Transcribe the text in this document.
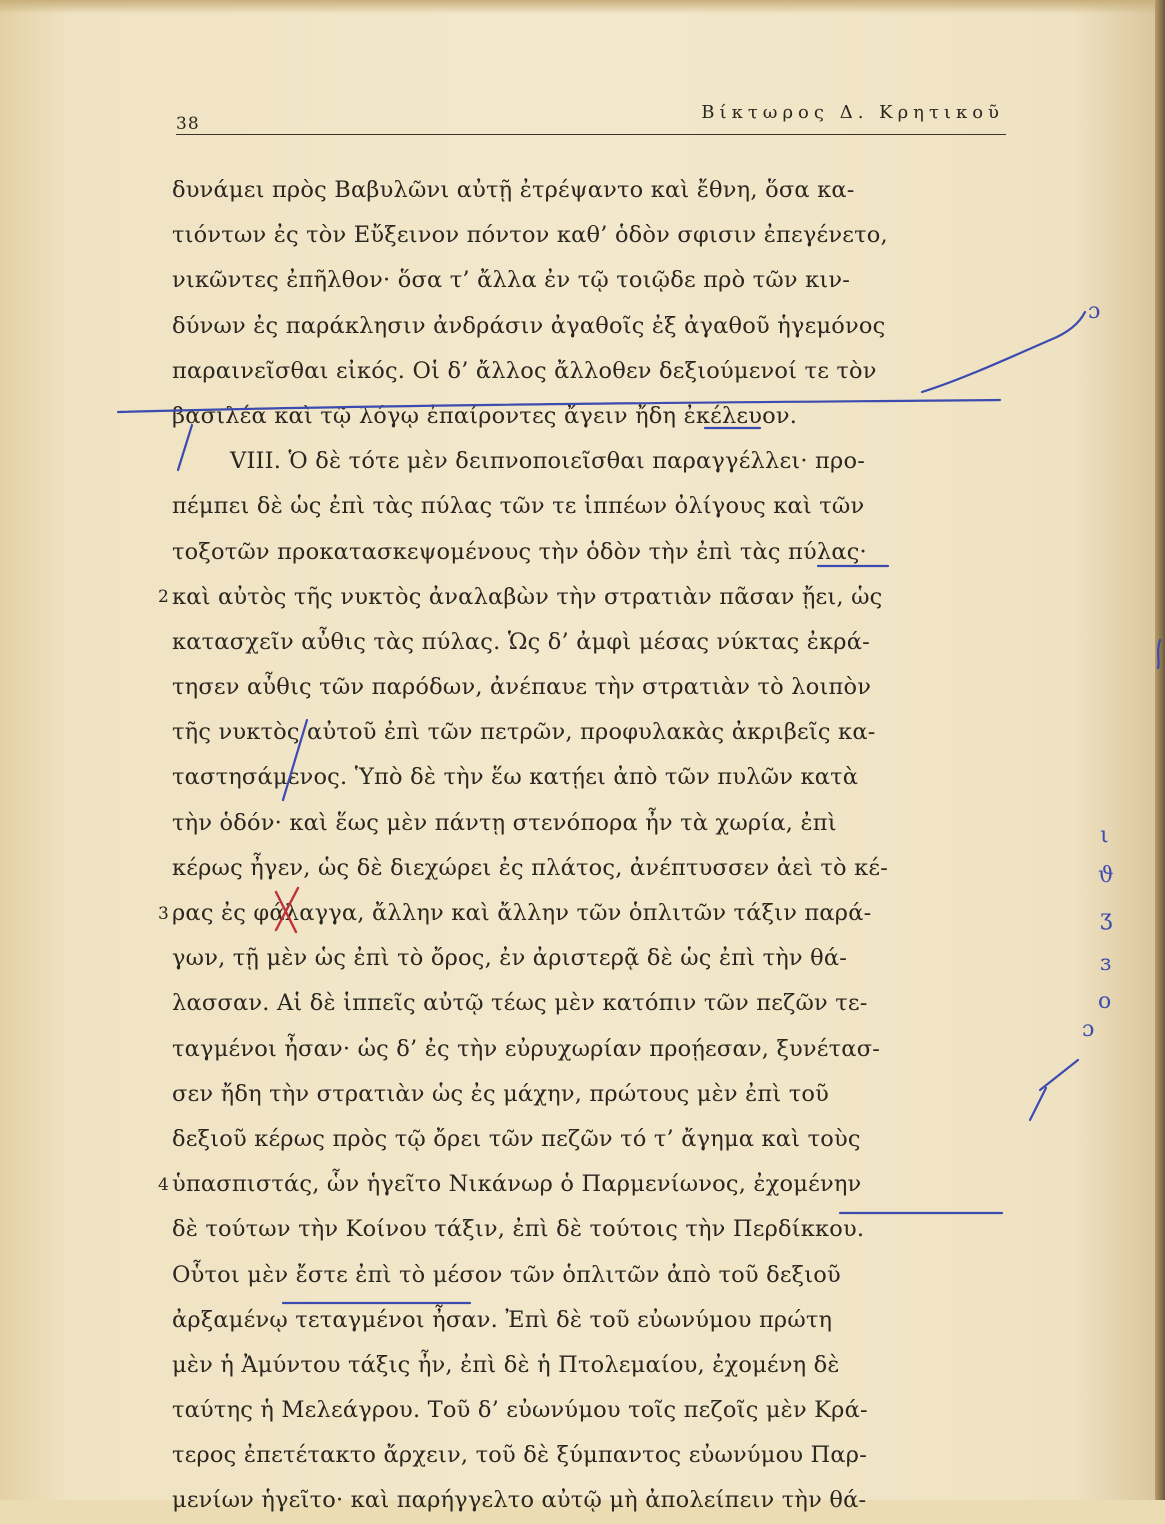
38
Βίκτωρος Δ. Κρητικοῦ
δυνάμει πρὸς Βαβυλῶνι αὐτῇ ἐτρέψαντο καὶ ἔθνη, ὅσα κα-
τιόντων ἐς τὸν Εὔξεινον πόντον καθ’ ὁδὸν σφισιν ἐπεγένετο,
νικῶντες ἐπῆλθον· ὅσα τ’ ἄλλα ἐν τῷ τοιῷδε πρὸ τῶν κιν-
δύνων ἐς παράκλησιν ἀνδράσιν ἀγαθοῖς ἐξ ἀγαθοῦ ἡγεμόνος
παραινεῖσθαι εἰκός. Οἱ δ’ ἄλλος ἄλλοθεν δεξιούμενοί τε τὸν
βασιλέα καὶ τῷ λόγῳ ἐπαίροντες ἄγειν ἤδη ἐκέλευον.
VIII. Ὁ δὲ τότε μὲν δειπνοποιεῖσθαι παραγγέλλει· προ-
πέμπει δὲ ὡς ἐπὶ τὰς πύλας τῶν τε ἱππέων ὀλίγους καὶ τῶν
τοξοτῶν προκατασκεψομένους τὴν ὁδὸν τὴν ἐπὶ τὰς πύλας·
καὶ αὐτὸς τῆς νυκτὸς ἀναλαβὼν τὴν στρατιὰν πᾶσαν ᾔει, ὡς
κατασχεῖν αὖθις τὰς πύλας. Ὡς δ’ ἀμφὶ μέσας νύκτας ἐκρά-
τησεν αὖθις τῶν παρόδων, ἀνέπαυε τὴν στρατιὰν τὸ λοιπὸν
τῆς νυκτὸς αὐτοῦ ἐπὶ τῶν πετρῶν, προφυλακὰς ἀκριβεῖς κα-
ταστησάμενος. Ὑπὸ δὲ τὴν ἕω κατῄει ἀπὸ τῶν πυλῶν κατὰ
τὴν ὁδόν· καὶ ἕως μὲν πάντῃ στενόπορα ἦν τὰ χωρία, ἐπὶ
κέρως ἦγεν, ὡς δὲ διεχώρει ἐς πλάτος, ἀνέπτυσσεν ἀεὶ τὸ κέ-
ρας ἐς φάλαγγα, ἄλλην καὶ ἄλλην τῶν ὁπλιτῶν τάξιν παρά-
γων, τῇ μὲν ὡς ἐπὶ τὸ ὄρος, ἐν ἀριστερᾷ δὲ ὡς ἐπὶ τὴν θά-
λασσαν. Αἱ δὲ ἱππεῖς αὐτῷ τέως μὲν κατόπιν τῶν πεζῶν τε-
ταγμένοι ἦσαν· ὡς δ’ ἐς τὴν εὐρυχωρίαν προῄεσαν, ξυνέτασ-
σεν ἤδη τὴν στρατιὰν ὡς ἐς μάχην, πρώτους μὲν ἐπὶ τοῦ
δεξιοῦ κέρως πρὸς τῷ ὄρει τῶν πεζῶν τό τ’ ἄγημα καὶ τοὺς
ὑπασπιστάς, ὧν ἡγεῖτο Νικάνωρ ὁ Παρμενίωνος, ἐχομένην
δὲ τούτων τὴν Κοίνου τάξιν, ἐπὶ δὲ τούτοις τὴν Περδίκκου.
Οὗτοι μὲν ἔστε ἐπὶ τὸ μέσον τῶν ὁπλιτῶν ἀπὸ τοῦ δεξιοῦ
ἀρξαμένῳ τεταγμένοι ἦσαν. Ἐπὶ δὲ τοῦ εὐωνύμου πρώτη
μὲν ἡ Ἀμύντου τάξις ἦν, ἐπὶ δὲ ἡ Πτολεμαίου, ἐχομένη δὲ
ταύτης ἡ Μελεάγρου. Τοῦ δ’ εὐωνύμου τοῖς πεζοῖς μὲν Κρά-
τερος ἐπετέτακτο ἄρχειν, τοῦ δὲ ξύμπαντος εὐωνύμου Παρ-
μενίων ἡγεῖτο· καὶ παρήγγελτο αὐτῷ μὴ ἀπολείπειν τὴν θά-
2
3
4
ι
ϑ
ʒ
ɜ
ο
ɔ
ɔ
